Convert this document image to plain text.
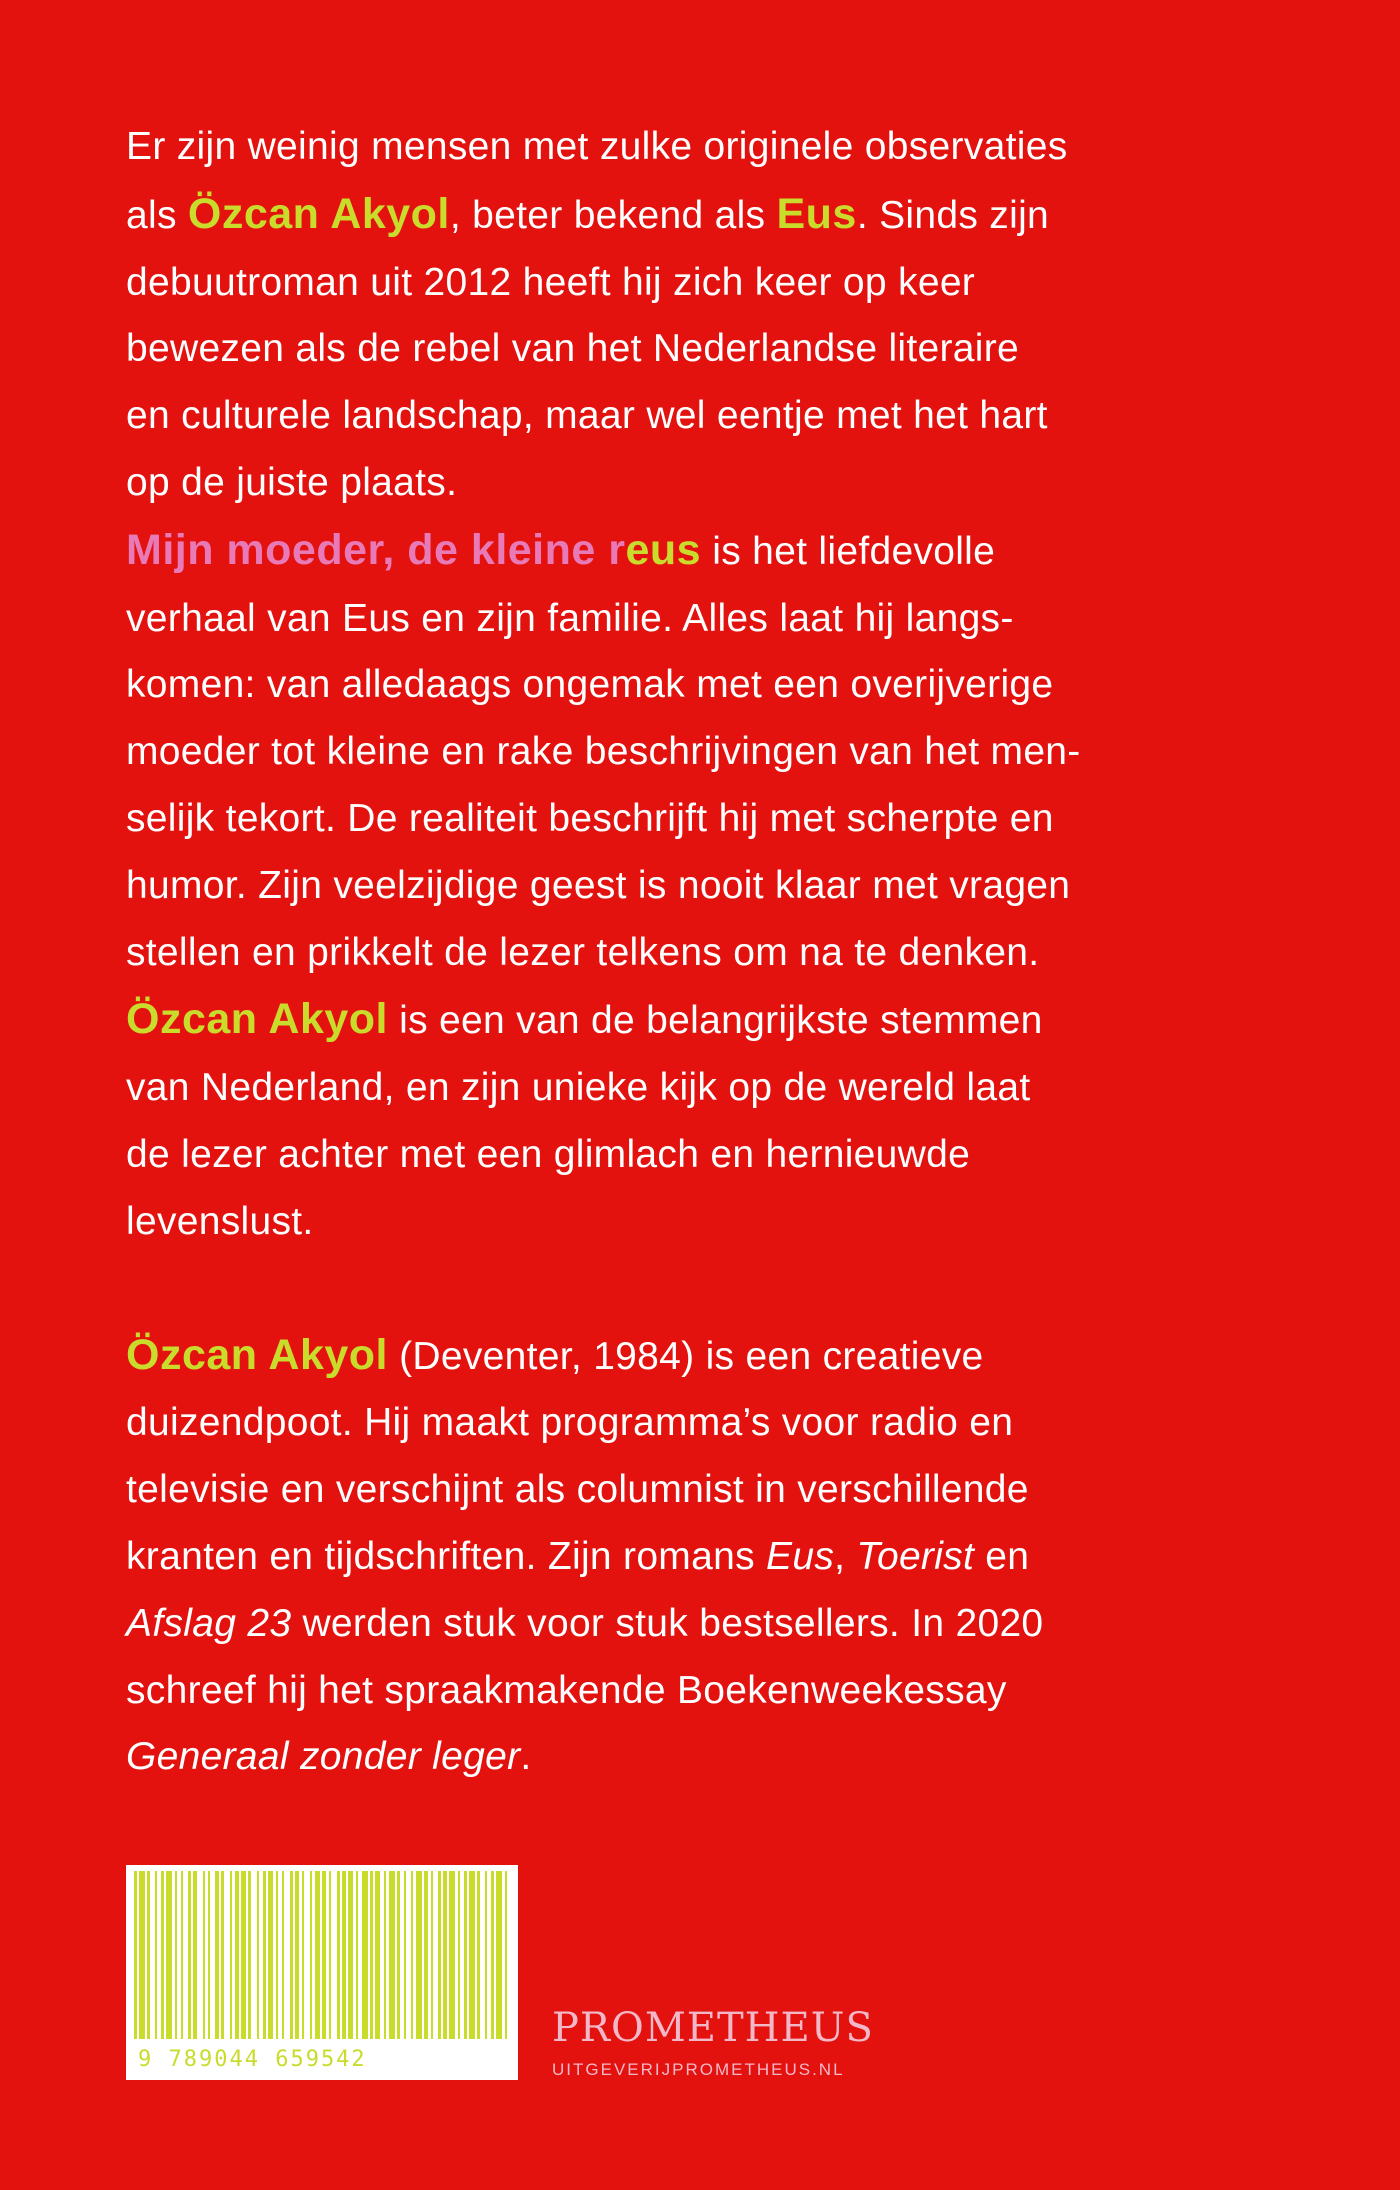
Er zijn weinig mensen met zulke originele observaties
als Özcan Akyol, beter bekend als Eus. Sinds zijn
debuutroman uit 2012 heeft hij zich keer op keer
bewezen als de rebel van het Nederlandse literaire
en culturele landschap, maar wel eentje met het hart
op de juiste plaats.
Mijn moeder, de kleine reus is het liefdevolle
verhaal van Eus en zijn familie. Alles laat hij langs-
komen: van alledaags ongemak met een overijverige
moeder tot kleine en rake beschrijvingen van het men-
selijk tekort. De realiteit beschrijft hij met scherpte en
humor. Zijn veelzijdige geest is nooit klaar met vragen
stellen en prikkelt de lezer telkens om na te denken.
Özcan Akyol is een van de belangrijkste stemmen
van Nederland, en zijn unieke kijk op de wereld laat
de lezer achter met een glimlach en hernieuwde
levenslust.
Özcan Akyol (Deventer, 1984) is een creatieve
duizendpoot. Hij maakt programma’s voor radio en
televisie en verschijnt als columnist in verschillende
kranten en tijdschriften. Zijn romans Eus, Toerist en
Afslag 23 werden stuk voor stuk bestsellers. In 2020
schreef hij het spraakmakende Boekenweekessay
Generaal zonder leger.
9 789044 659542
PROMETHEUS
UITGEVERIJPROMETHEUS.NL
